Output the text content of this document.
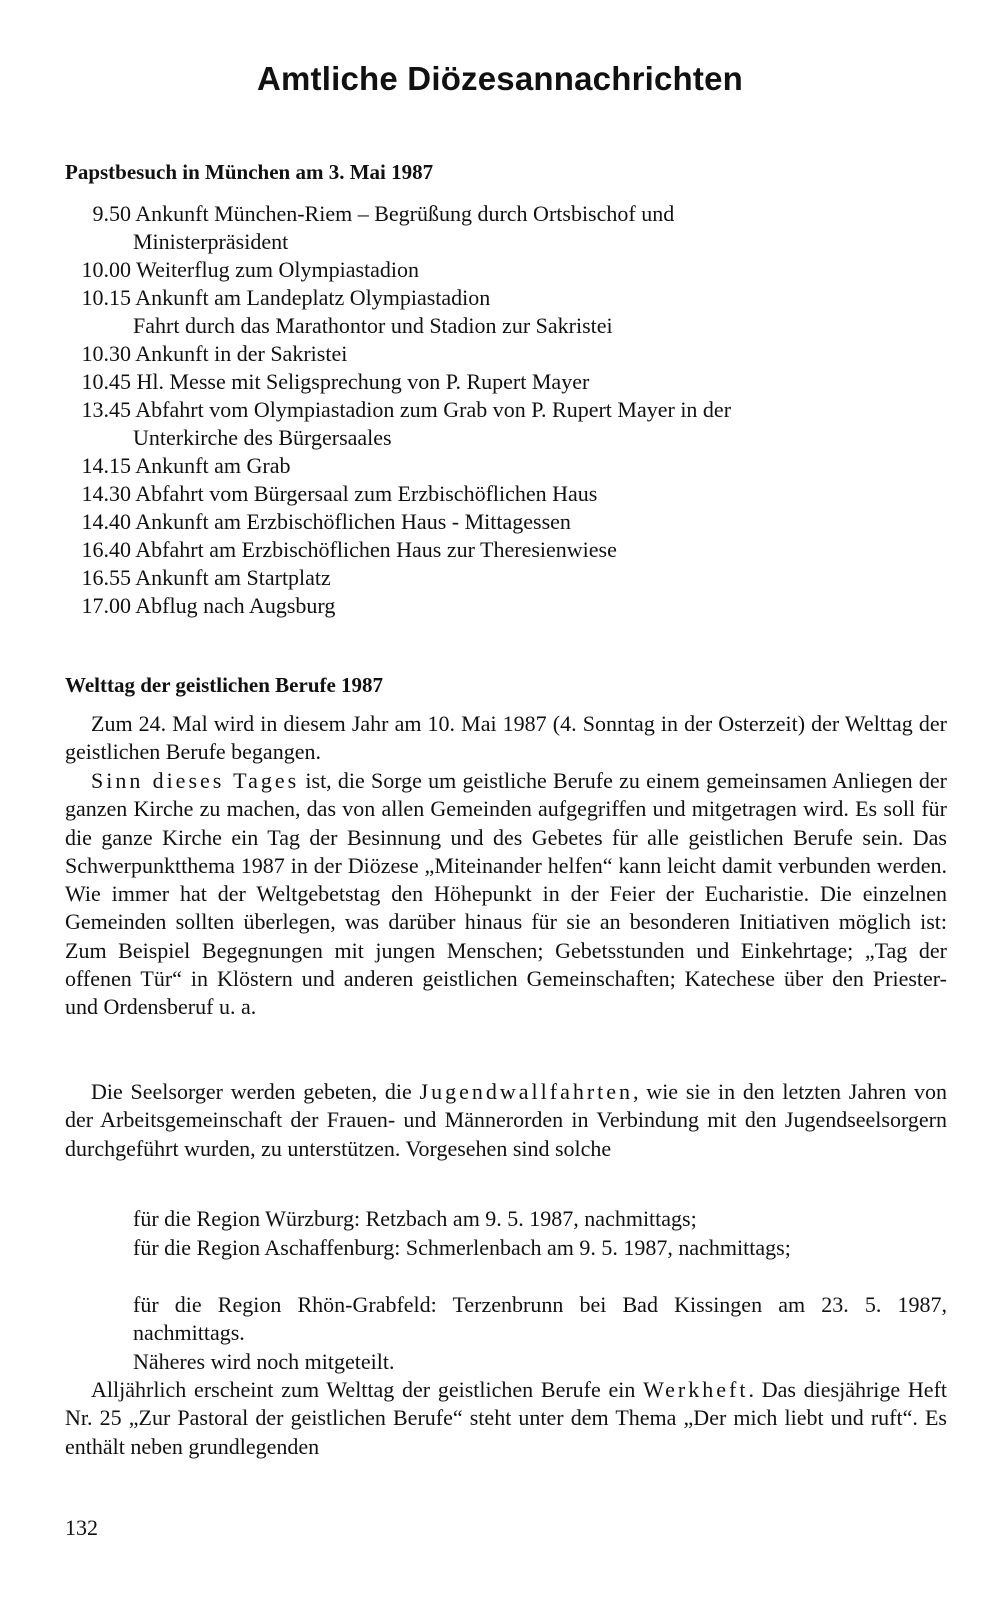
Amtliche Diözesannachrichten
Papstbesuch in München am 3. Mai 1987
9.50 Ankunft München-Riem – Begrüßung durch Ortsbischof und
Ministerpräsident
10.00 Weiterflug zum Olympiastadion
10.15 Ankunft am Landeplatz Olympiastadion
Fahrt durch das Marathontor und Stadion zur Sakristei
10.30 Ankunft in der Sakristei
10.45 Hl. Messe mit Seligsprechung von P. Rupert Mayer
13.45 Abfahrt vom Olympiastadion zum Grab von P. Rupert Mayer in der
Unterkirche des Bürgersaales
14.15 Ankunft am Grab
14.30 Abfahrt vom Bürgersaal zum Erzbischöflichen Haus
14.40 Ankunft am Erzbischöflichen Haus - Mittagessen
16.40 Abfahrt am Erzbischöflichen Haus zur Theresienwiese
16.55 Ankunft am Startplatz
17.00 Abflug nach Augsburg
Welttag der geistlichen Berufe 1987
Zum 24. Mal wird in diesem Jahr am 10. Mai 1987 (4. Sonntag in der Osterzeit) der Welttag der geistlichen Berufe begangen.
Sinn dieses Tages ist, die Sorge um geistliche Berufe zu einem gemeinsamen Anliegen der ganzen Kirche zu machen, das von allen Gemeinden aufgegriffen und mitgetragen wird. Es soll für die ganze Kirche ein Tag der Besinnung und des Gebetes für alle geistlichen Berufe sein. Das Schwerpunktthema 1987 in der Diözese „Miteinander helfen“ kann leicht damit verbunden werden. Wie immer hat der Weltgebetstag den Höhepunkt in der Feier der Eucharistie. Die einzelnen Gemeinden sollten überlegen, was darüber hinaus für sie an besonderen Initiativen möglich ist: Zum Beispiel Begegnungen mit jungen Menschen; Gebetsstunden und Einkehrtage; „Tag der offenen Tür“ in Klöstern und anderen geistlichen Gemeinschaften; Katechese über den Priester- und Ordensberuf u. a.
Die Seelsorger werden gebeten, die Jugendwallfahrten, wie sie in den letzten Jahren von der Arbeitsgemeinschaft der Frauen- und Männerorden in Verbindung mit den Jugendseelsorgern durchgeführt wurden, zu unterstützen. Vorgesehen sind solche
für die Region Würzburg: Retzbach am 9. 5. 1987, nachmittags;
für die Region Aschaffenburg: Schmerlenbach am 9. 5. 1987, nachmittags;
für die Region Rhön-Grabfeld: Terzenbrunn bei Bad Kissingen am 23. 5. 1987, nachmittags.
Näheres wird noch mitgeteilt.
Alljährlich erscheint zum Welttag der geistlichen Berufe ein Werkheft. Das diesjährige Heft Nr. 25 „Zur Pastoral der geistlichen Berufe“ steht unter dem Thema „Der mich liebt und ruft“. Es enthält neben grundlegenden
132
